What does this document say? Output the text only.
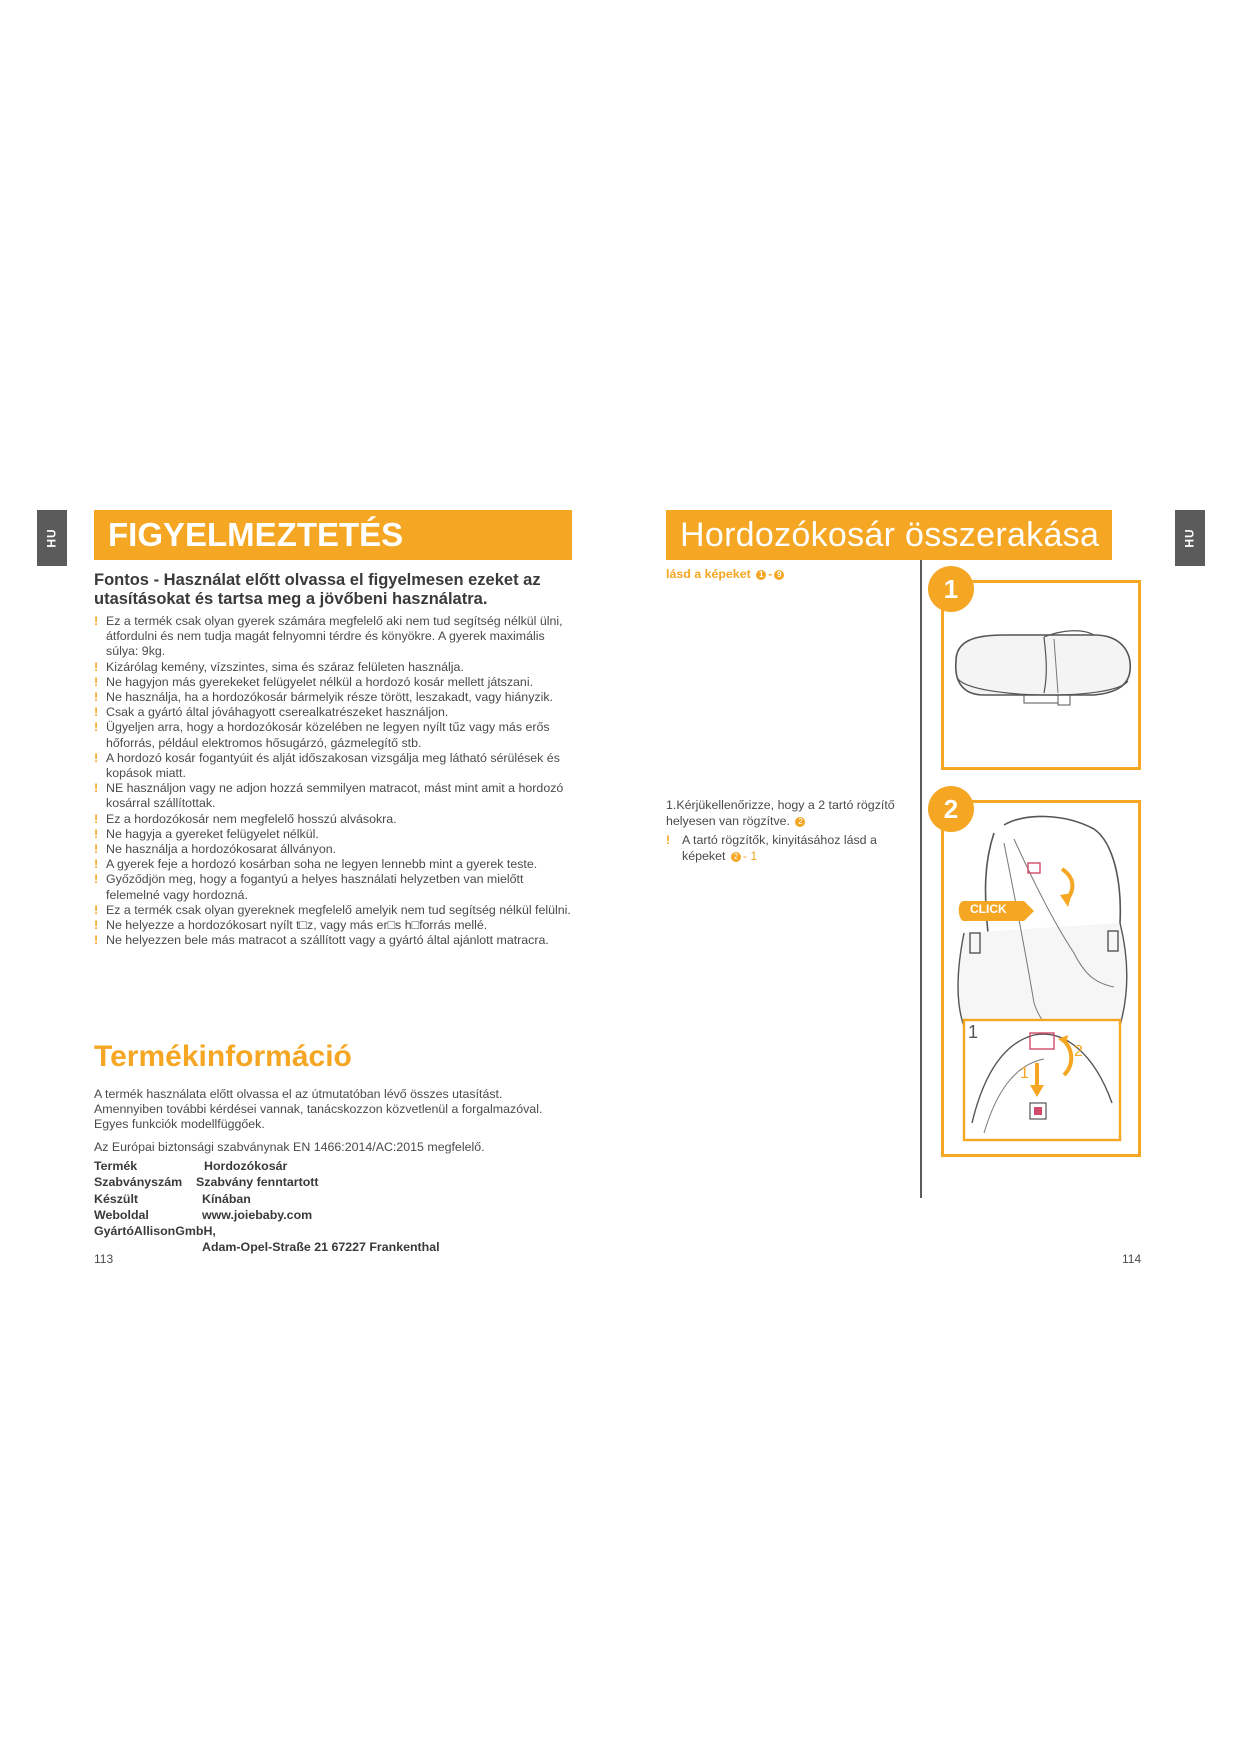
HU	HU
FIGYELMEZTETÉS
Fontos - Használat előtt olvassa el figyelmesen ezeket az utasításokat és tartsa meg a jövőbeni használatra.
! Ez a termék csak olyan gyerek számára megfelelő aki nem tud segítség nélkül ülni, átfordulni és nem tudja magát felnyomni térdre és könyökre. A gyerek maximális súlya: 9kg.
! Kizárólag kemény, vízszintes, sima és száraz felületen használja.
! Ne hagyjon más gyerekeket felügyelet nélkül a hordozó kosár mellett játszani.
! Ne használja, ha a hordozókosár bármelyik része törött, leszakadt, vagy hiányzik.
! Csak a gyártó által jóváhagyott cserealkatrészeket használjon.
! Ügyeljen arra, hogy a hordozókosár közelében ne legyen nyílt tűz vagy más erős hőforrás, például elektromos hősugárzó, gázmelegítő stb.
! A hordozó kosár fogantyúit és alját időszakosan vizsgálja meg látható sérülések és kopások miatt.
! NE használjon vagy ne adjon hozzá semmilyen matracot, mást mint amit a hordozó kosárral szállítottak.
! Ez a hordozókosár nem megfelelő hosszú alvásokra.
! Ne hagyja a gyereket felügyelet nélkül.
! Ne használja a hordozókosarat állványon.
! A gyerek feje a hordozó kosárban soha ne legyen lennebb mint a gyerek teste.
! Győződjön meg, hogy a fogantyú a helyes használati helyzetben van mielőtt felemelné vagy hordozná.
! Ez a termék csak olyan gyereknek megfelelő amelyik nem tud segítség nélkül felülni.
! Ne helyezze a hordozókosart nyílt t□z, vagy más er□s h□forrás mellé.
! Ne helyezzen bele más matracot a szállított vagy a gyártó által ajánlott matracra.
Termékinformáció

A termék használata előtt olvassa el az útmutatóban lévő összes utasítást. Amennyiben további kérdései vannak, tanácskozzon közvetlenül a forgalmazóval. Egyes funkciók modellfüggőek.

Az Európai biztonsági szabványnak EN 1466:2014/AC:2015 megfelelő.

Termék	Hordozókosár
Szabványszám Szabvány fenntartott
Készült	Kínában
Weboldal	www.joiebaby.com
GyártóAllisonGmbH,
Adam-Opel-Straße 21 67227 Frankenthal
113
Hordozókosár összerakása
lásd a képeket 1 - 9
1.Kérjükellenőrizze, hogy a 2 tartó rögzítő helyesen van rögzítve. 2
! A tartó rögzítők, kinyitásához lásd a képeket 2 - 1
1
CLICK
1
1
2
2
114
